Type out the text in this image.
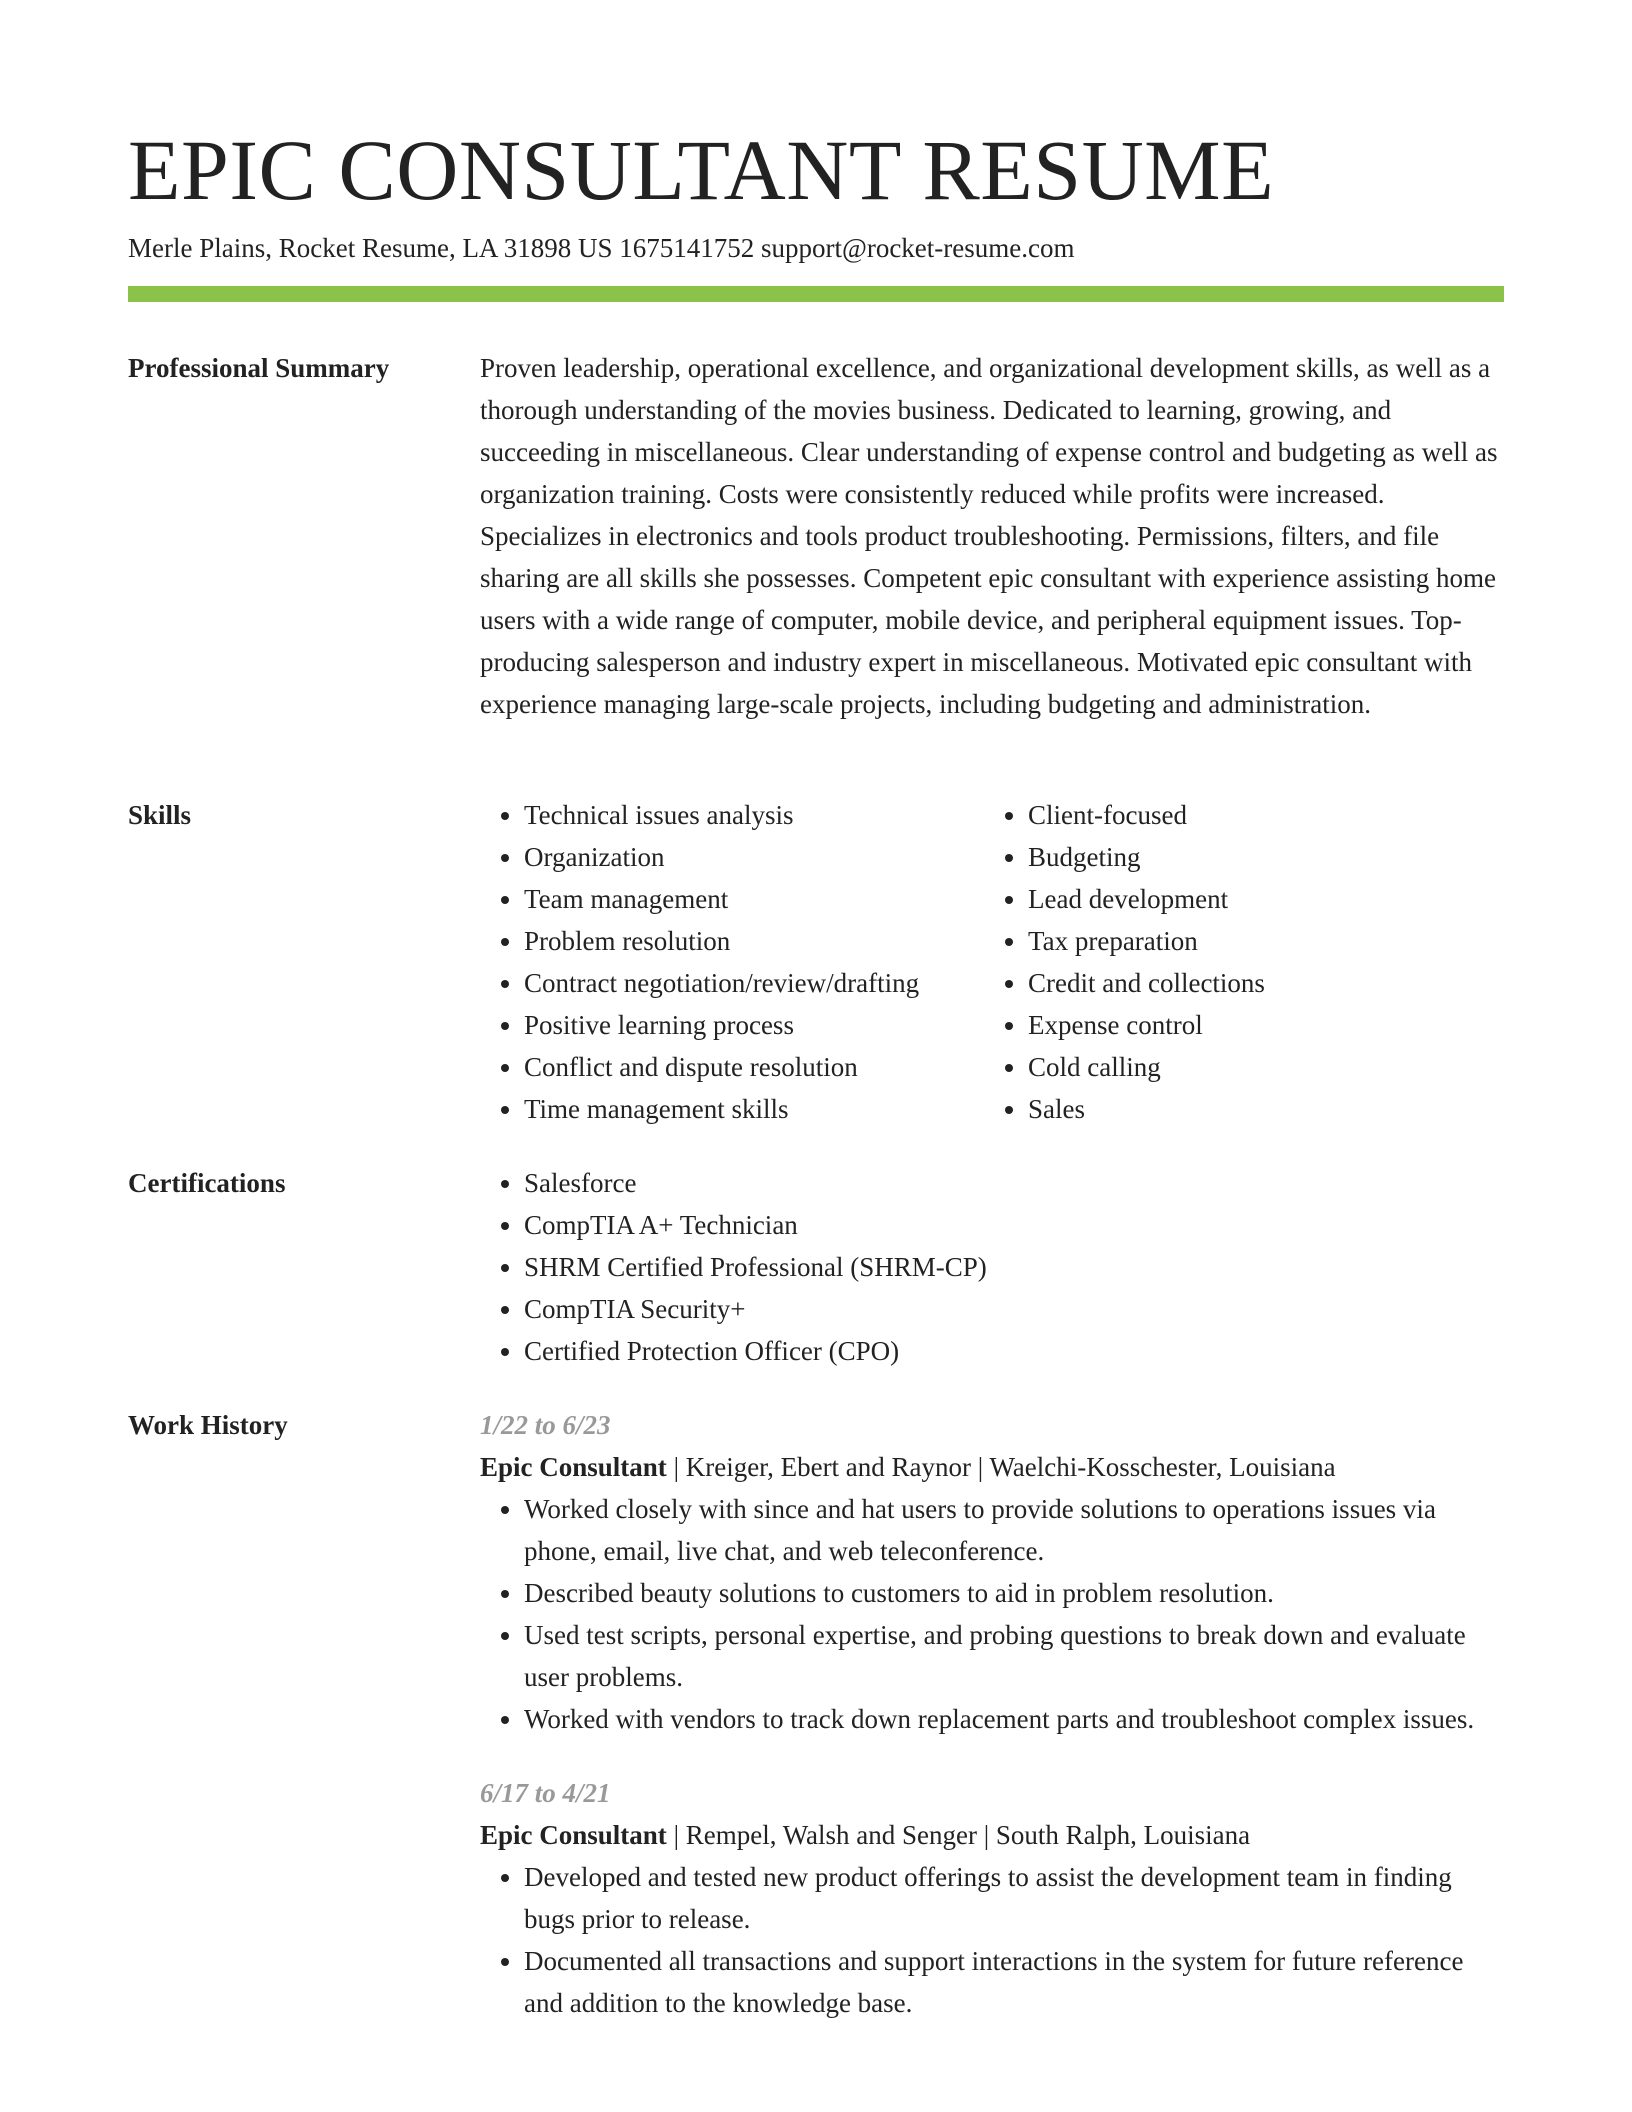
EPIC CONSULTANT RESUME
Merle Plains, Rocket Resume, LA 31898 US 1675141752 support@rocket-resume.com
Professional Summary	Proven leadership, operational excellence, and organizational development skills, as well as a thorough understanding of the movies business. Dedicated to learning, growing, and succeeding in miscellaneous. Clear understanding of expense control and budgeting as well as organization training. Costs were consistently reduced while profits were increased. Specializes in electronics and tools product troubleshooting. Permissions, filters, and file sharing are all skills she possesses. Competent epic consultant with experience assisting home users with a wide range of computer, mobile device, and peripheral equipment issues. Top-producing salesperson and industry expert in miscellaneous. Motivated epic consultant with experience managing large-scale projects, including budgeting and administration.

Skills	• Technical issues analysis
• Organization
• Team management
• Problem resolution
• Contract negotiation/review/drafting
• Positive learning process
• Conflict and dispute resolution
• Time management skills
• Client-focused
• Budgeting
• Lead development
• Tax preparation
• Credit and collections
• Expense control
• Cold calling
• Sales
Certifications	• Salesforce
• CompTIA A+ Technician
• SHRM Certified Professional (SHRM-CP)
• CompTIA Security+
• Certified Protection Officer (CPO)
Work History	1/22 to 6/23
Epic Consultant | Kreiger, Ebert and Raynor | Waelchi-Kosschester, Louisiana
• Worked closely with since and hat users to provide solutions to operations issues via phone, email, live chat, and web teleconference.
• Described beauty solutions to customers to aid in problem resolution.
• Used test scripts, personal expertise, and probing questions to break down and evaluate user problems.
• Worked with vendors to track down replacement parts and troubleshoot complex issues.
6/17 to 4/21
Epic Consultant | Rempel, Walsh and Senger | South Ralph, Louisiana
• Developed and tested new product offerings to assist the development team in finding bugs prior to release.
• Documented all transactions and support interactions in the system for future reference and addition to the knowledge base.
